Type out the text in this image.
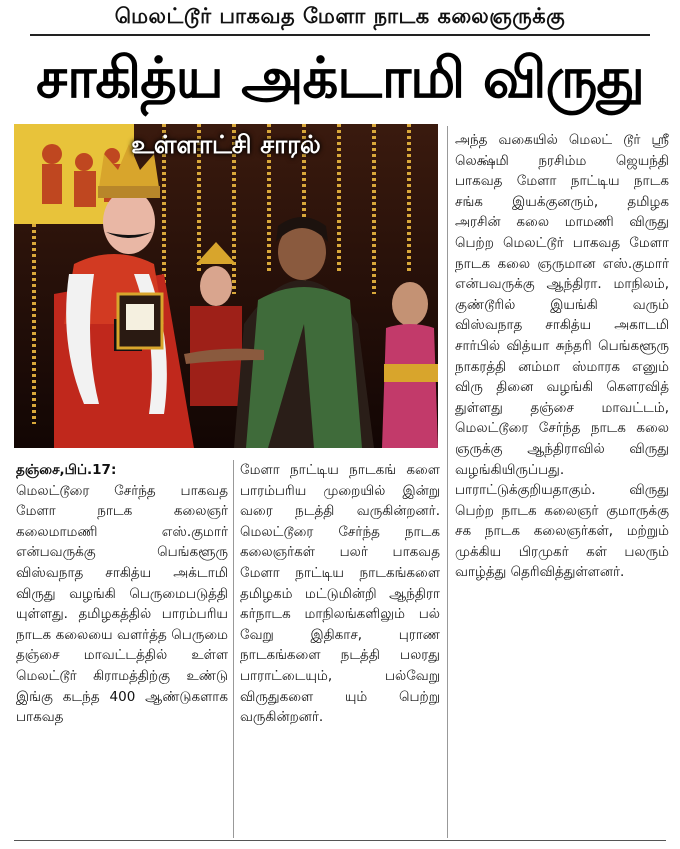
மெலட்டூர் பாகவத மேளா நாடக கலைஞருக்கு
சாகித்ய அக்டாமி விருது
உள்ளாட்சி சாரல்

தஞ்சை,பிப்.17:

மெலட்டூரை சேர்ந்த பாகவத மேளா நாடக கலைஞர் கலைமாமணி எஸ்.குமார் என்பவருக்கு பெங்களூரு விஸ்வநாத சாகித்ய அக்டாமி விருது வழங்கி பெருமைபடுத்தி யுள்ளது. தமிழகத்தில் பாரம்பரிய நாடக கலையை வளர்த்த பெருமை தஞ்சை மாவட்டத்தில் உள்ள மெலட்டூர் கிராமத்திற்கு உண்டு இங்கு கடந்த 400 ஆண்டுகளாக பாகவத

மேளா நாட்டிய நாடகங் களை பாரம்பரிய முறையில் இன்று வரை நடத்தி வருகின்றனர். மெலட்டூரை சேர்ந்த நாடக கலைஞர்கள் பலர் பாகவத மேளா நாட்டிய நாடகங்களை தமிழகம் மட்டுமின்றி ஆந்திரா கர்நாடக மாநிலங்களிலும் பல் வேறு இதிகாச, புராண நாடகங்களை நடத்தி பலரது பாராட்டையும், பல்வேறு விருதுகளை யும் பெற்று வருகின்றனர்.

அந்த வகையில் மெலட் டூர் ஸ்ரீ லெக்ஷ்மி நரசிம்ம ஜெயந்தி பாகவத மேளா நாட்டிய நாடக சங்க இயக்குனரும், தமிழக அரசின் கலை மாமணி விருது பெற்ற மெலட்டூர் பாகவத மேளா நாடக கலை ஞருமான எஸ்.குமார் என்பவருக்கு ஆந்திரா. மாநிலம், குண்டூரில் இயங்கி வரும் விஸ்வநாத சாகித்ய அகாடமி சார்பில் வித்யா சுந்தரி பெங்களூரு நாகரத்தி னம்மா ஸ்மாரக எனும் விரு தினை வழங்கி கௌரவித் துள்ளது தஞ்சை மாவட்டம், மெலட்டூரை சேர்ந்த நாடக கலை ஞருக்கு ஆந்திராவில் விருது வழங்கியிருப்பது. பாராட்டுக்குறியதாகும். விருது பெற்ற நாடக கலைஞர் குமாருக்கு சக நாடக கலைஞர்கள், மற்றும் முக்கிய பிரமுகர் கள் பலரும் வாழ்த்து தெரிவித்துள்ளனர்.
